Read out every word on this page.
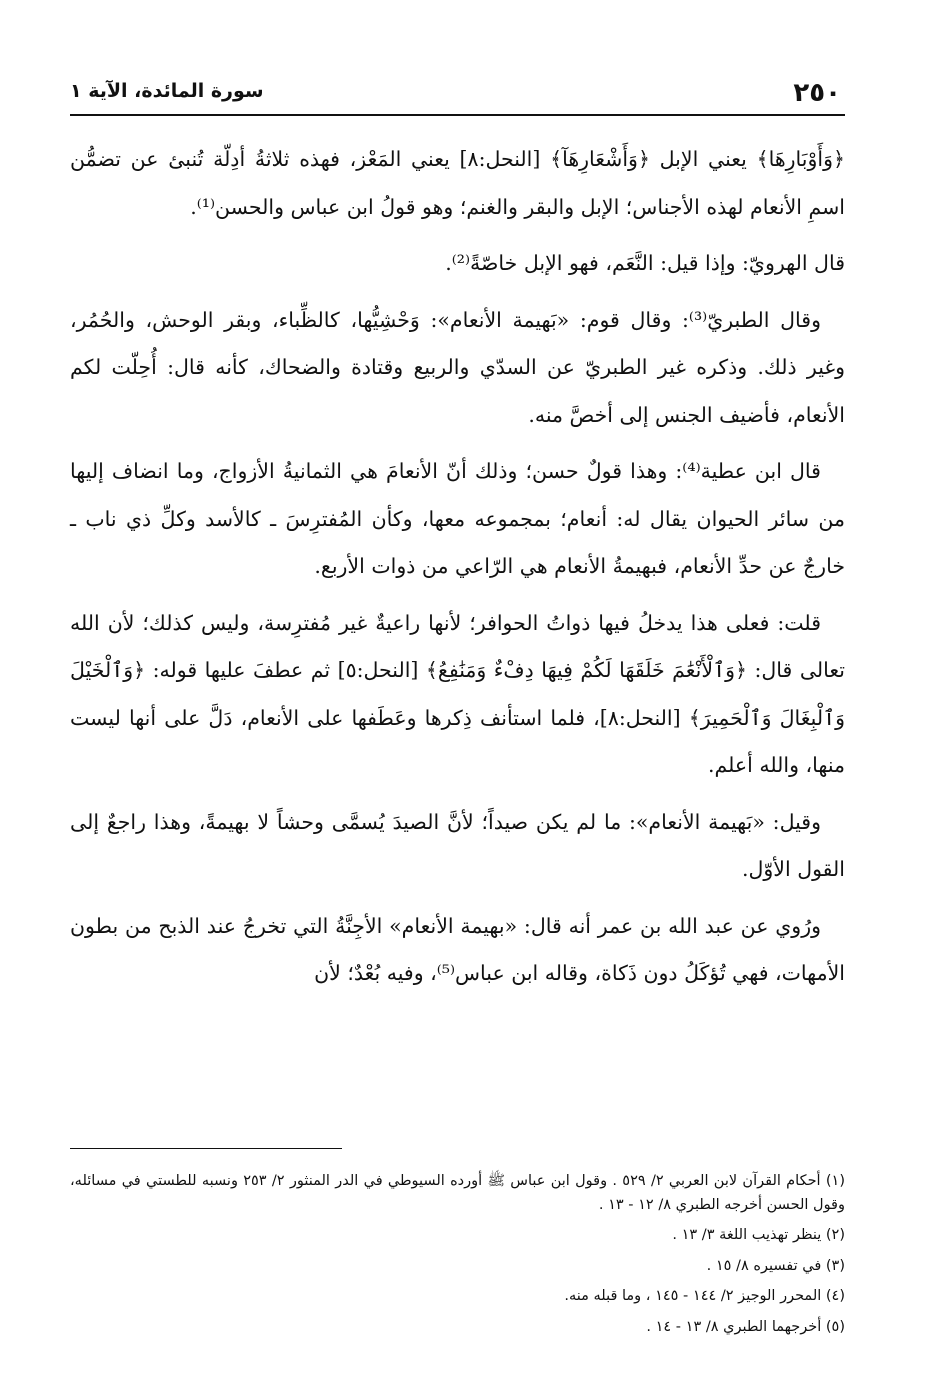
٢٥٠
سورة المائدة، الآية ١

﴿وَأَوْبَارِهَا﴾ يعني الإبل ﴿وَأَشْعَارِهَآ﴾ [النحل:٨] يعني المَعْز، فهذه ثلاثةُ أدِلّة تُنبئ عن تضمُّن اسمِ الأنعام لهذه الأجناس؛ الإبل والبقر والغنم؛ وهو قولُ ابن عباس والحسن⁽¹⁾.

قال الهرويّ: وإذا قيل: النَّعَم، فهو الإبل خاصّةً⁽²⁾.

وقال الطبريّ⁽³⁾: وقال قوم: «بَهيمة الأنعام»: وَحْشِيُّها، كالظِّباء، وبقر الوحش، والحُمُر، وغير ذلك. وذكره غير الطبريّ عن السدّي والربيع وقتادة والضحاك، كأنه قال: أُحِلّت لكم الأنعام، فأضيف الجنس إلى أخصَّ منه.

قال ابن عطية⁽⁴⁾: وهذا قولٌ حسن؛ وذلك أنّ الأنعامَ هي الثمانيةُ الأزواج، وما انضاف إليها من سائر الحيوان يقال له: أنعام؛ بمجموعه معها، وكأن المُفترِسَ ـ كالأسد وكلِّ ذي ناب ـ خارجٌ عن حدِّ الأنعام، فبهيمةُ الأنعام هي الرّاعي من ذوات الأربع.

قلت: فعلى هذا يدخلُ فيها ذواتُ الحوافر؛ لأنها راعيةٌ غير مُفترِسة، وليس كذلك؛ لأن الله تعالى قال: ﴿وَٱلْأَنْعَٰمَ خَلَقَهَا لَكُمْ فِيهَا دِفْءٌ وَمَنَٰفِعُ﴾ [النحل:٥] ثم عطفَ عليها قوله: ﴿وَٱلْخَيْلَ وَٱلْبِغَالَ وَٱلْحَمِيرَ﴾ [النحل:٨]، فلما استأنف ذِكرها وعَطَفها على الأنعام، دَلَّ على أنها ليست منها، والله أعلم.

وقيل: «بَهيمة الأنعام»: ما لم يكن صيداً؛ لأنَّ الصيدَ يُسمَّى وحشاً لا بهيمةً، وهذا راجعٌ إلى القول الأوّل.

ورُوي عن عبد الله بن عمر أنه قال: «بهيمة الأنعام» الأجِنَّةُ التي تخرجُ عند الذبح من بطون الأمهات، فهي تُؤكَلُ دون ذَكاة، وقاله ابن عباس⁽⁵⁾، وفيه بُعْدٌ؛ لأن

(١) أحكام القرآن لابن العربي ٢/ ٥٢٩ . وقول ابن عباس ﷺ أورده السيوطي في الدر المنثور ٢/ ٢٥٣ ونسبه للطستي في مسائله، وقول الحسن أخرجه الطبري ٨/ ١٢ - ١٣ .

(٢) ينظر تهذيب اللغة ٣/ ١٣ .

(٣) في تفسيره ٨/ ١٥ .

(٤) المحرر الوجيز ٢/ ١٤٤ - ١٤٥ ، وما قبله منه.

(٥) أخرجهما الطبري ٨/ ١٣ - ١٤ .
